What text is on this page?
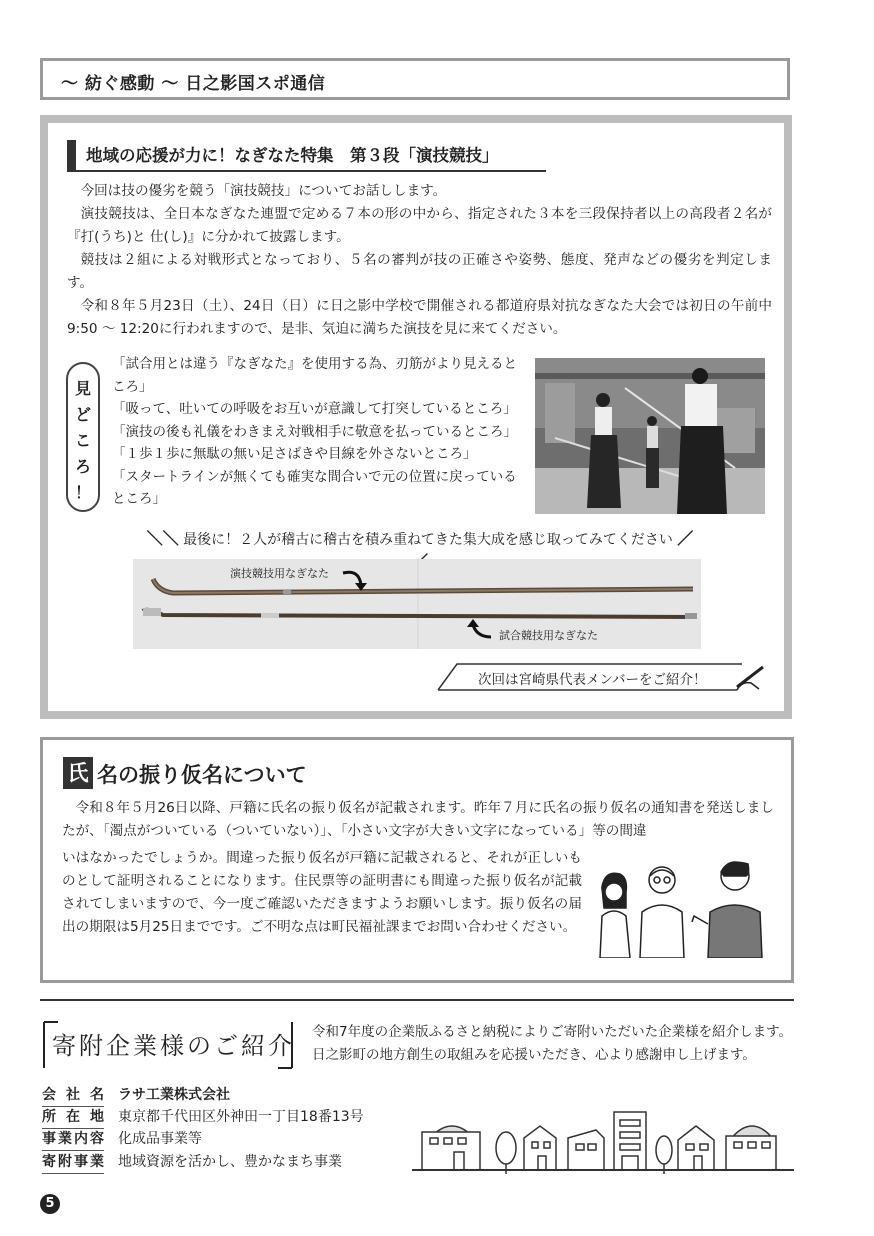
～ 紡ぐ感動 ～ 日之影国スポ通信
地域の応援が力に！なぎなた特集　第３段「演技競技」

今回は技の優劣を競う「演技競技」についてお話しします。

演技競技は、全日本なぎなた連盟で定める７本の形の中から、指定された３本を三段保持者以上の高段者２名が『打(うち)と 仕(し)』に分かれて披露します。

競技は２組による対戦形式となっており、５名の審判が技の正確さや姿勢、態度、発声などの優劣を判定します。

令和８年５月23日（土）、24日（日）に日之影中学校で開催される都道府県対抗なぎなた大会では初日の午前中9:50 ～ 12:20に行われますので、是非、気迫に満ちた演技を見に来てください。

見
ど
こ
ろ
！
「試合用とは違う『なぎなた』を使用する為、刃筋がより見えるところ」
「吸って、吐いての呼吸をお互いが意識して打突しているところ」
「演技の後も礼儀をわきまえ対戦相手に敬意を払っているところ」
「１歩１歩に無駄の無い足さばきや目線を外さないところ」
「スタートラインが無くても確実な間合いで元の位置に戻っているところ」
＼＼ 最後に！２人が稽古に稽古を積み重ねてきた集大成を感じ取ってみてください ／
演技競技用なぎなた
試合競技用なぎなた
次回は宮崎県代表メンバーをご紹介！
氏 名の振り仮名について
令和８年５月26日以降、戸籍に氏名の振り仮名が記載されます。昨年７月に氏名の振り仮名の通知書を発送しましたが、「濁点がついている（ついていない）」、「小さい文字が大きい文字になっている」等の間違
いはなかったでしょうか。間違った振り仮名が戸籍に記載されると、それが正しいものとして証明されることになります。住民票等の証明書にも間違った振り仮名が記載されてしまいますので、今一度ご確認いただきますようお願いします。振り仮名の届出の期限は5月25日までです。ご不明な点は町民福祉課までお問い合わせください。
寄附企業様のご紹介 令和7年度の企業版ふるさと納税によりご寄附いただいた企業様を紹介します。日之影町の地方創生の取組みを応援いただき、心より感謝申し上げます。
会社名 ラサ工業株式会社
所在地 東京都千代田区外神田一丁目18番13号
事業内容 化成品事業等
寄附事業 地域資源を活かし、豊かなまち事業
5
